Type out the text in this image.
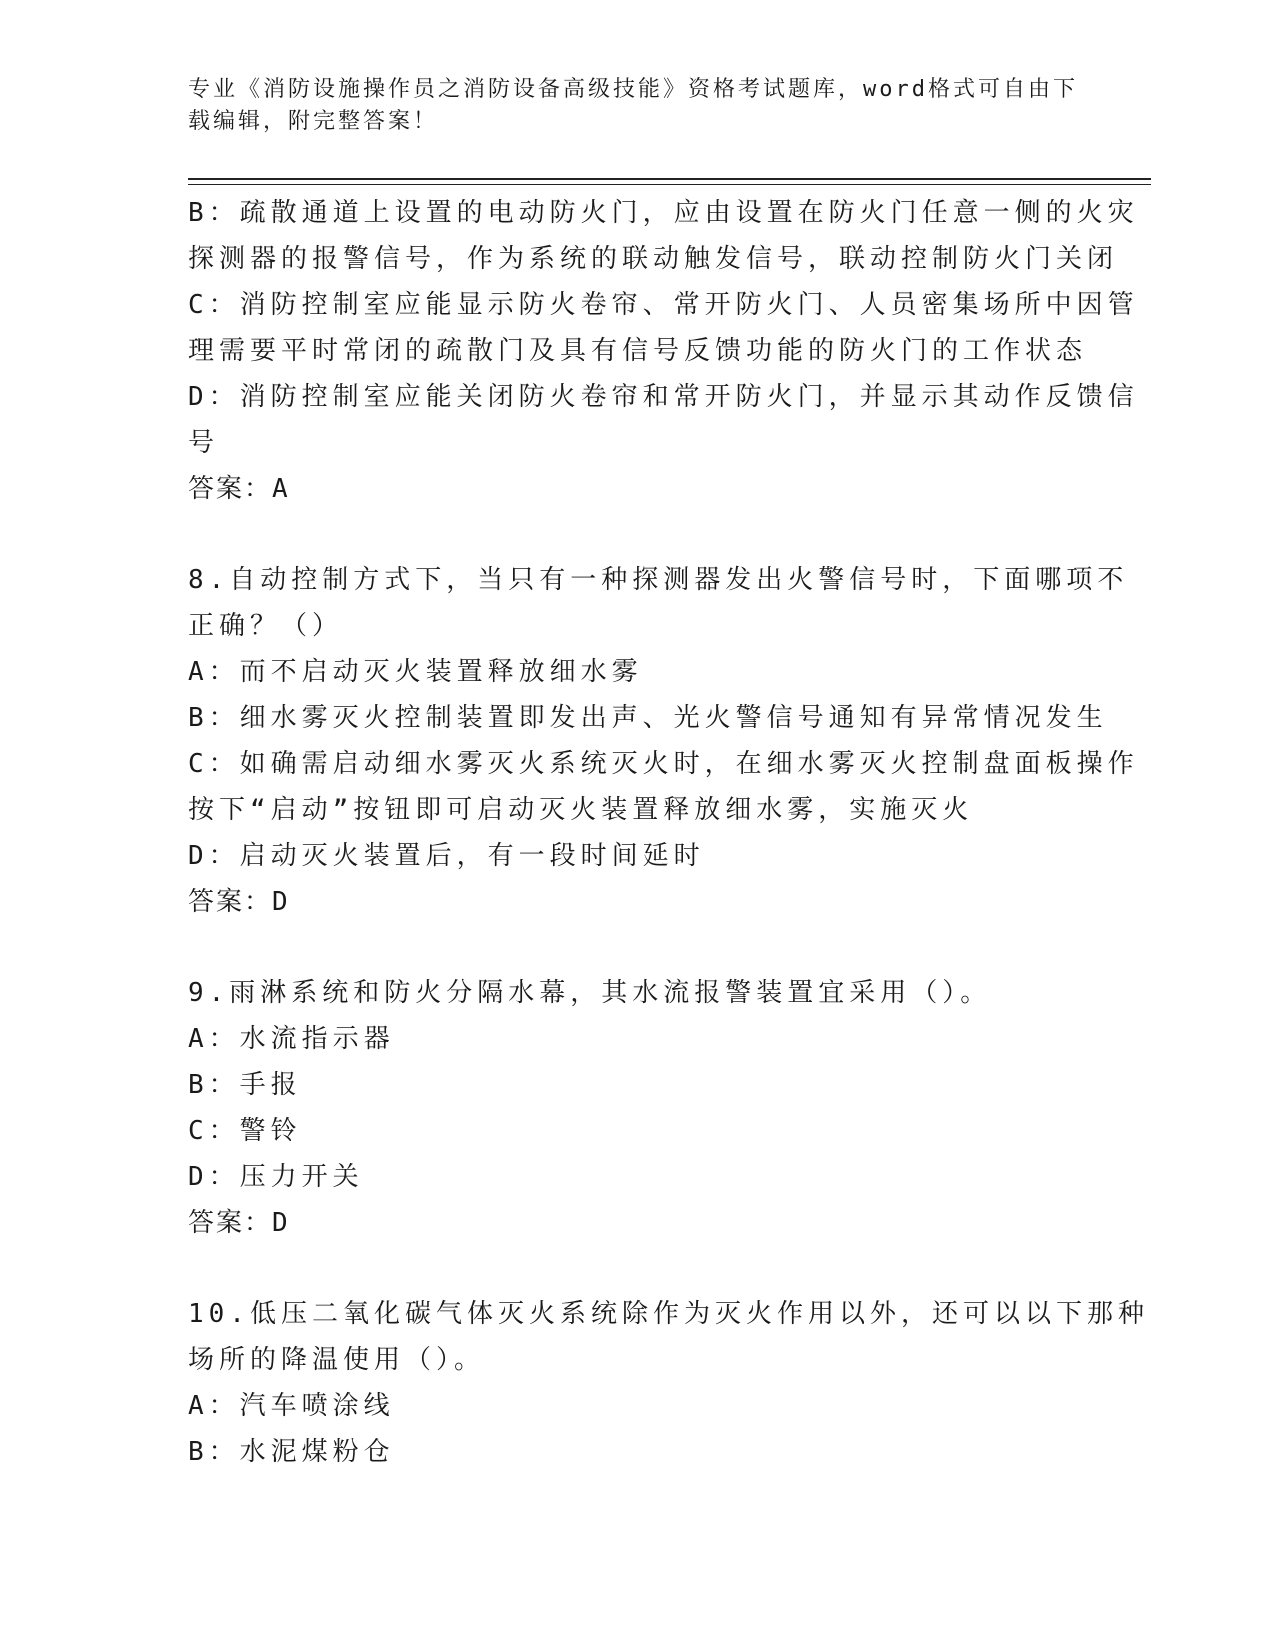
专业《消防设施操作员之消防设备高级技能》资格考试题库，word格式可自由下
载编辑，附完整答案！
B：疏散通道上设置的电动防火门，应由设置在防火门任意一侧的火灾
探测器的报警信号，作为系统的联动触发信号，联动控制防火门关闭
C：消防控制室应能显示防火卷帘、常开防火门、人员密集场所中因管
理需要平时常闭的疏散门及具有信号反馈功能的防火门的工作状态
D：消防控制室应能关闭防火卷帘和常开防火门，并显示其动作反馈信
号
答案：A
8.自动控制方式下，当只有一种探测器发出火警信号时，下面哪项不
正确？（）
A：而不启动灭火装置释放细水雾
B：细水雾灭火控制装置即发出声、光火警信号通知有异常情况发生
C：如确需启动细水雾灭火系统灭火时，在细水雾灭火控制盘面板操作
按下“启动”按钮即可启动灭火装置释放细水雾，实施灭火
D：启动灭火装置后，有一段时间延时
答案：D
9.雨淋系统和防火分隔水幕，其水流报警装置宜采用（）。
A：水流指示器
B：手报
C：警铃
D：压力开关
答案：D
10.低压二氧化碳气体灭火系统除作为灭火作用以外，还可以以下那种
场所的降温使用（）。
A：汽车喷涂线
B：水泥煤粉仓
